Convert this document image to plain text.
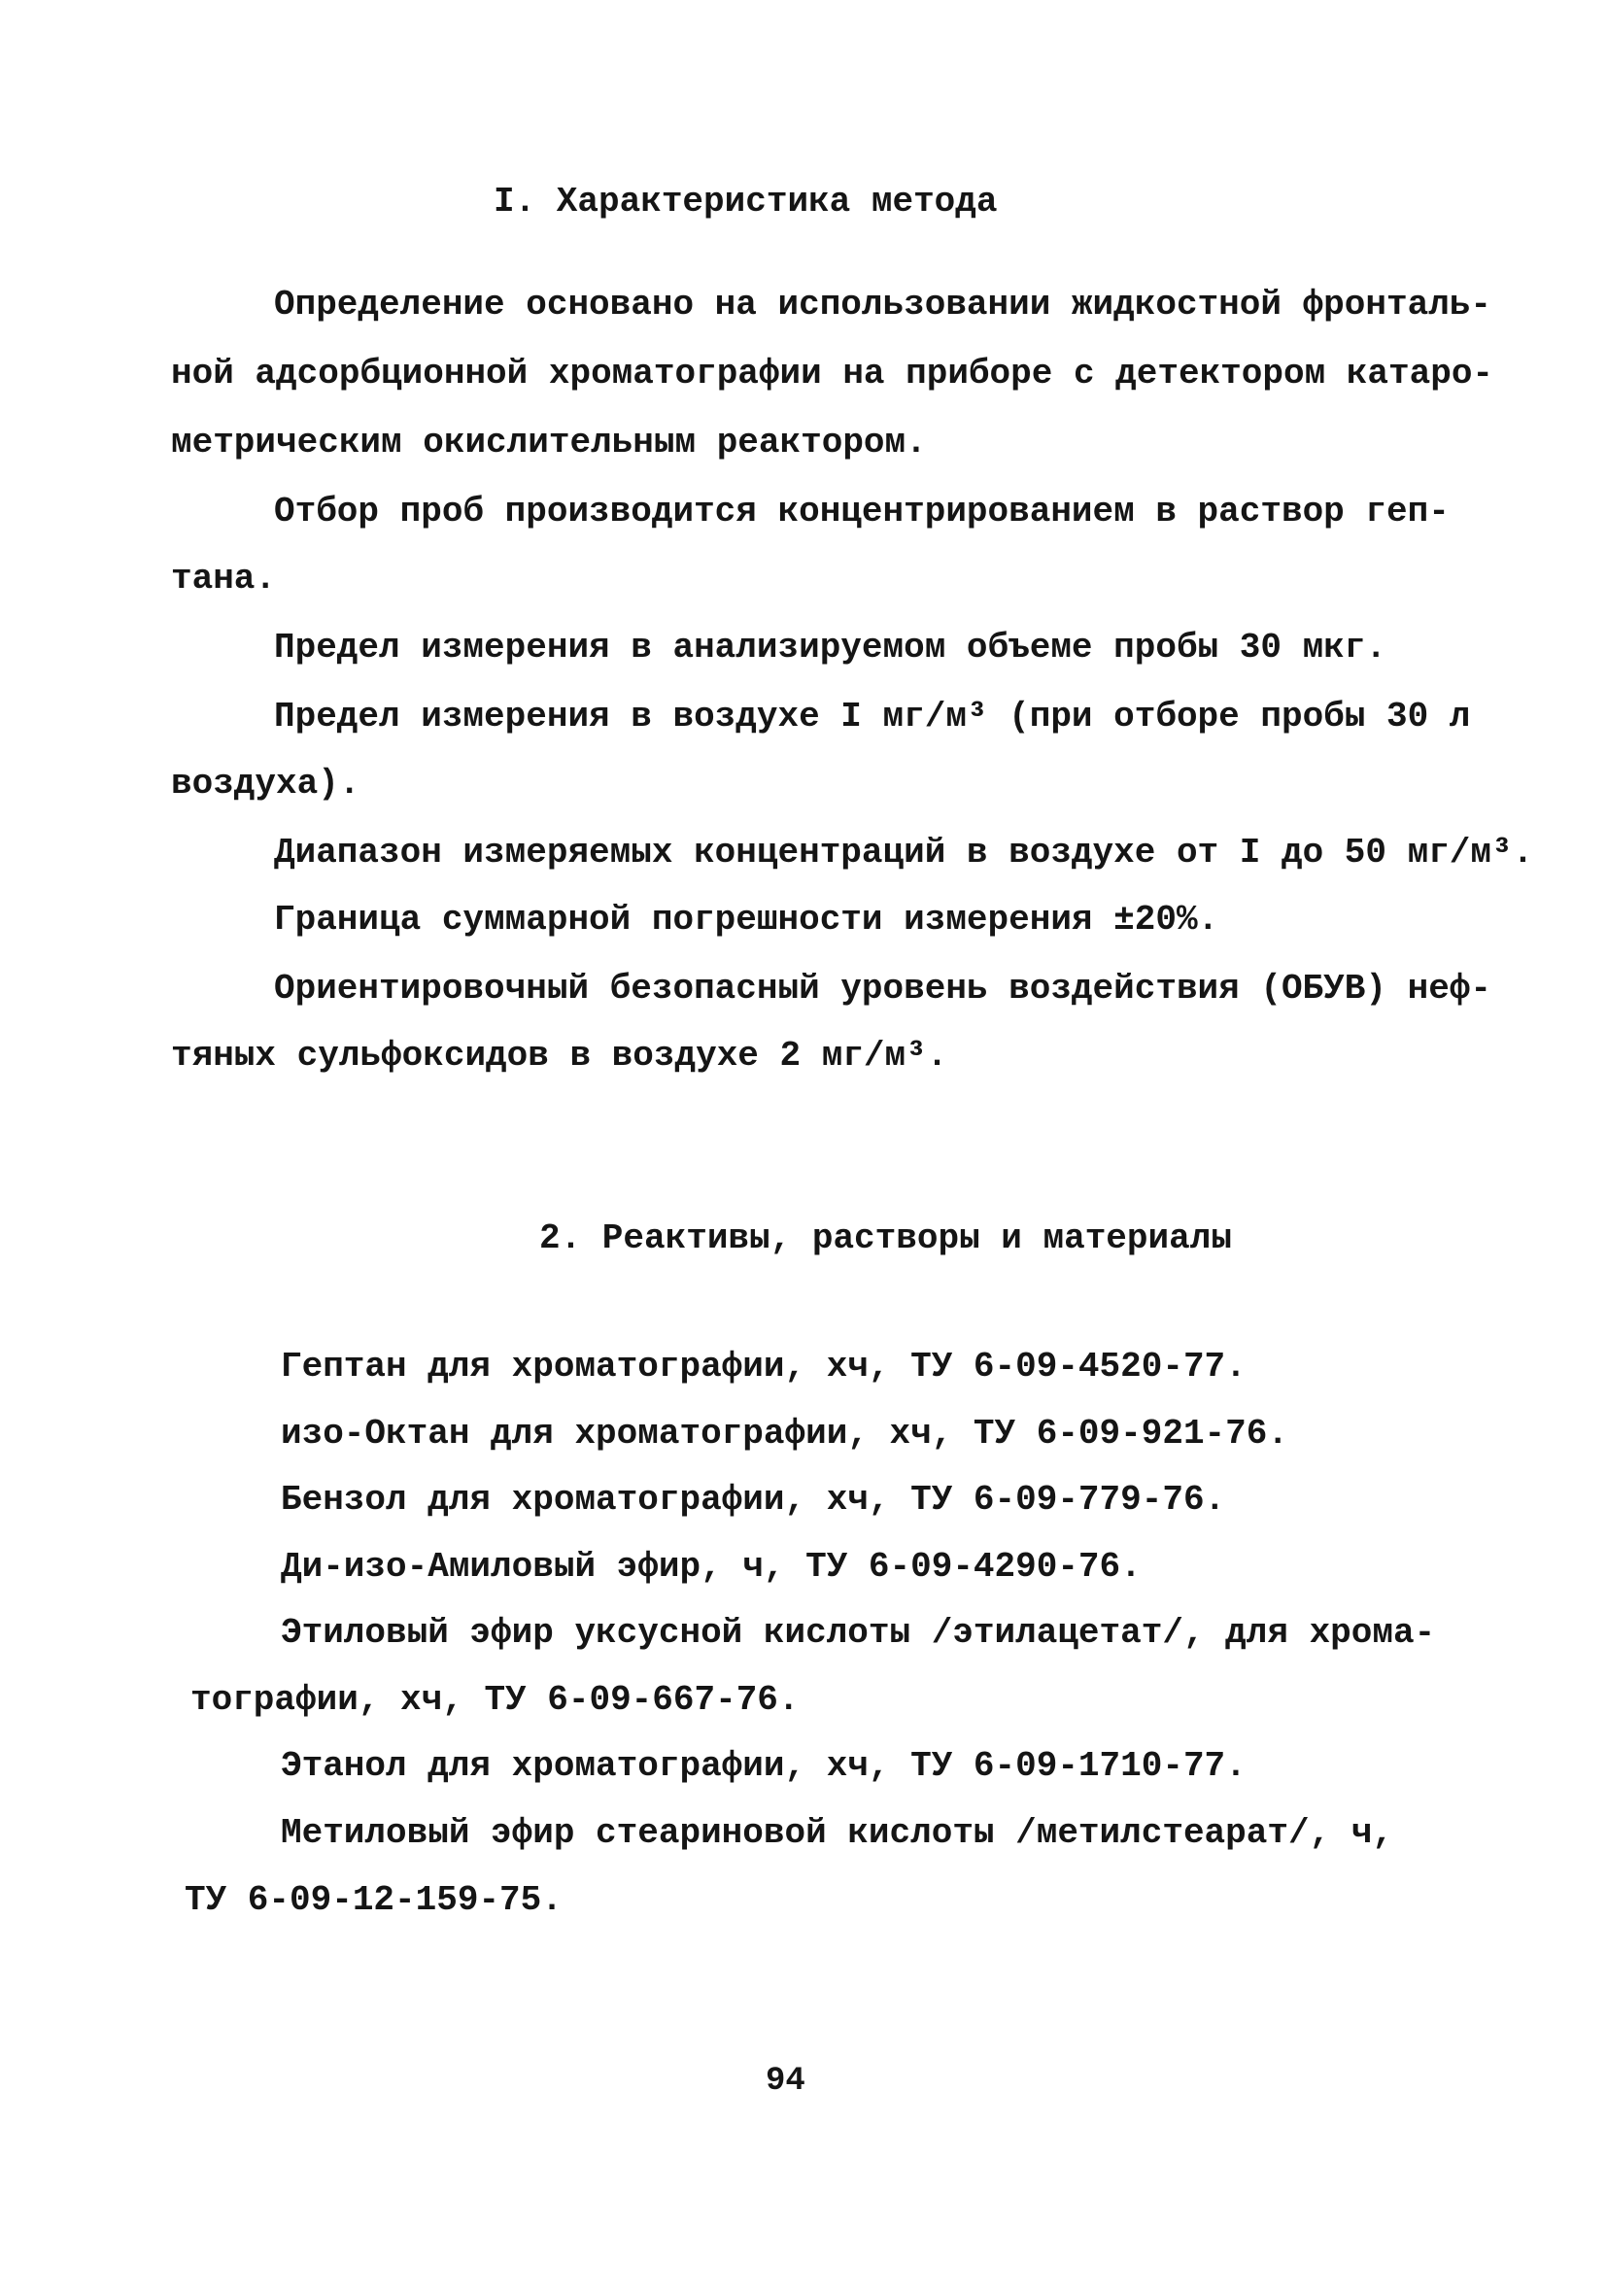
I. Характеристика метода
Определение основано на использовании жидкостной фронталь-
ной адсорбционной хроматографии на приборе с детектором катаро-
метрическим окислительным реактором.
Отбор проб производится концентрированием в раствор геп-
тана.
Предел измерения в анализируемом объеме пробы 30 мкг.
Предел измерения в воздухе I мг/м³ (при отборе пробы 30 л
воздуха).
Диапазон измеряемых концентраций в воздухе от I до 50 мг/м³.
Граница суммарной погрешности измерения ±20%.
Ориентировочный безопасный уровень воздействия (ОБУВ) неф-
тяных сульфоксидов в воздухе 2 мг/м³.
2. Реактивы, растворы и материалы
Гептан для хроматографии, хч, ТУ 6-09-4520-77.
изо-Октан для хроматографии, хч, ТУ 6-09-921-76.
Бензол для хроматографии, хч, ТУ 6-09-779-76.
Ди-изо-Амиловый эфир, ч, ТУ 6-09-4290-76.
Этиловый эфир уксусной кислоты /этилацетат/, для хрома-
тографии, хч, ТУ 6-09-667-76.
Этанол для хроматографии, хч, ТУ 6-09-1710-77.
Метиловый эфир стеариновой кислоты /метилстеарат/, ч,
ТУ 6-09-12-159-75.
94
